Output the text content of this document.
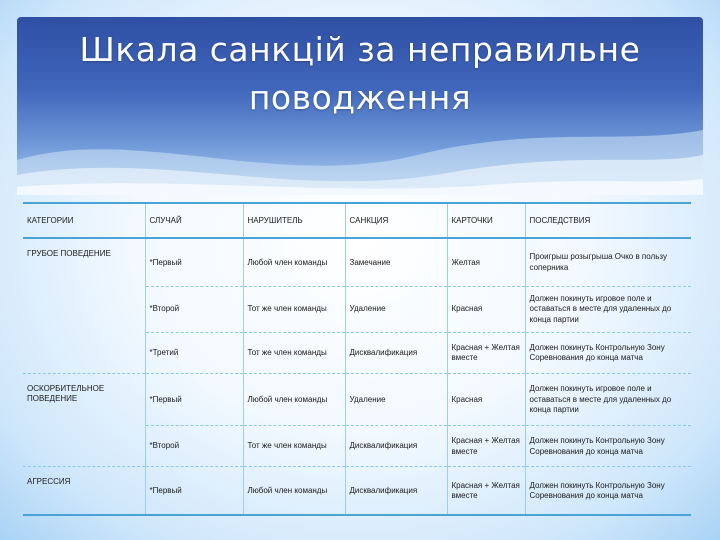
Шкала санкцій за неправильне поводження
КАТЕГОРИИ	СЛУЧАЙ	НАРУШИТЕЛЬ	САНКЦИЯ	КАРТОЧКИ	ПОСЛЕДСТВИЯ
ГРУБОЕ ПОВЕДЕНИЕ	*Первый	Любой член команды	Замечание	Желтая	Проигрыш розыгрыша Очко в пользу соперника
	*Второй	Тот же член команды	Удаление	Красная	Должен покинуть игровое поле и оставаться в месте для удаленных до конца партии
	*Третий	Тот же член команды	Дисквалификация	Красная + Желтая вместе	Должен покинуть Контрольную Зону Соревнования до конца матча
ОСКОРБИТЕЛЬНОЕ ПОВЕДЕНИЕ	*Первый	Любой член команды	Удаление	Красная	Должен покинуть игровое поле и оставаться в месте для удаленных до конца партии
	*Второй	Тот же член команды	Дисквалификация	Красная + Желтая вместе	Должен покинуть Контрольную Зону Соревнования до конца матча
АГРЕССИЯ	*Первый	Любой член команды	Дисквалификация	Красная + Желтая вместе	Должен покинуть Контрольную Зону Соревнования до конца матча
